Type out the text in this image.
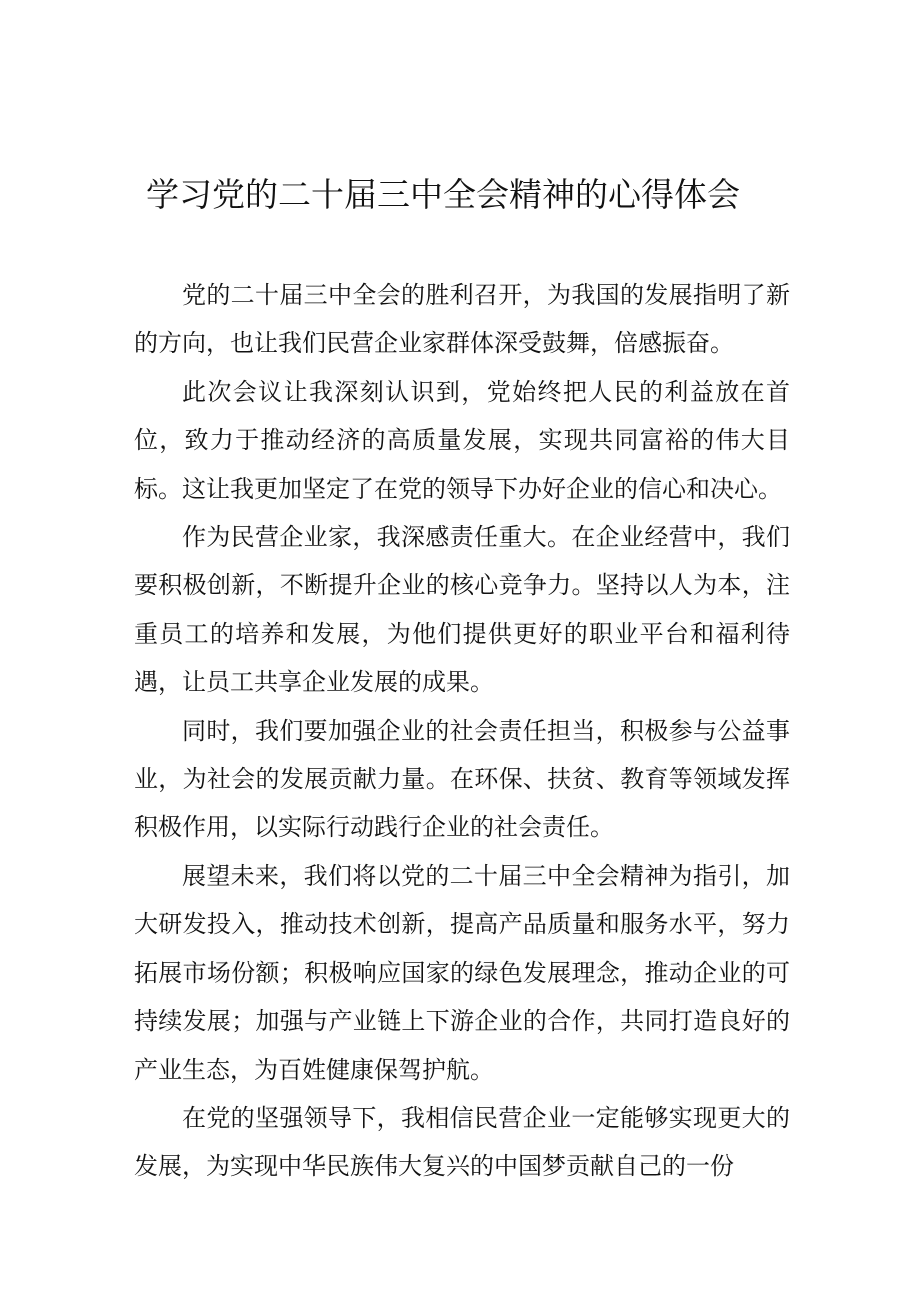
学习党的二十届三中全会精神的心得体会

党的二十届三中全会的胜利召开，为我国的发展指明了新的方向，也让我们民营企业家群体深受鼓舞，倍感振奋。

此次会议让我深刻认识到，党始终把人民的利益放在首位，致力于推动经济的高质量发展，实现共同富裕的伟大目标。这让我更加坚定了在党的领导下办好企业的信心和决心。

作为民营企业家，我深感责任重大。在企业经营中，我们要积极创新，不断提升企业的核心竞争力。坚持以人为本，注重员工的培养和发展，为他们提供更好的职业平台和福利待遇，让员工共享企业发展的成果。

同时，我们要加强企业的社会责任担当，积极参与公益事业，为社会的发展贡献力量。在环保、扶贫、教育等领域发挥积极作用，以实际行动践行企业的社会责任。

展望未来，我们将以党的二十届三中全会精神为指引，加大研发投入，推动技术创新，提高产品质量和服务水平，努力拓展市场份额；积极响应国家的绿色发展理念，推动企业的可持续发展；加强与产业链上下游企业的合作，共同打造良好的产业生态，为百姓健康保驾护航。

在党的坚强领导下，我相信民营企业一定能够实现更大的发展，为实现中华民族伟大复兴的中国梦贡献自己的一份
